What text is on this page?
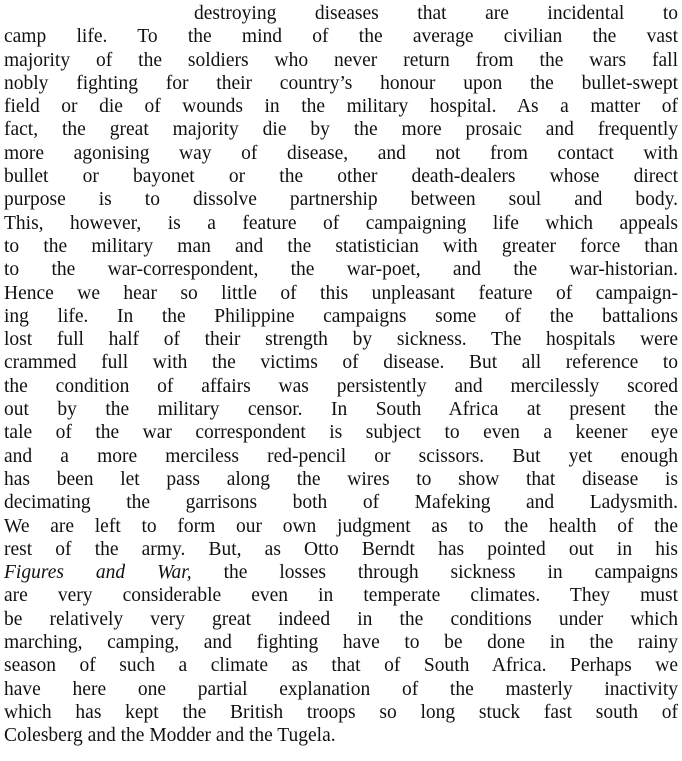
destroying diseases that are incidental to
camp life. To the mind of the average civilian the vast
majority of the soldiers who never return from the wars fall
nobly fighting for their country’s honour upon the bullet-swept
field or die of wounds in the military hospital. As a matter of
fact, the great majority die by the more prosaic and frequently
more agonising way of disease, and not from contact with
bullet or bayonet or the other death-dealers whose direct
purpose is to dissolve partnership between soul and body.
This, however, is a feature of campaigning life which appeals
to the military man and the statistician with greater force than
to the war-correspondent, the war-poet, and the war-historian.
Hence we hear so little of this unpleasant feature of campaign-
ing life. In the Philippine campaigns some of the battalions
lost full half of their strength by sickness. The hospitals were
crammed full with the victims of disease. But all reference to
the condition of affairs was persistently and mercilessly scored
out by the military censor. In South Africa at present the
tale of the war correspondent is subject to even a keener eye
and a more merciless red-pencil or scissors. But yet enough
has been let pass along the wires to show that disease is
decimating the garrisons both of Mafeking and Ladysmith.
We are left to form our own judgment as to the health of the
rest of the army. But, as Otto Berndt has pointed out in his
Figures and War, the losses through sickness in campaigns
are very considerable even in temperate climates. They must
be relatively very great indeed in the conditions under which
marching, camping, and fighting have to be done in the rainy
season of such a climate as that of South Africa. Perhaps we
have here one partial explanation of the masterly inactivity
which has kept the British troops so long stuck fast south of
Colesberg and the Modder and the Tugela.
